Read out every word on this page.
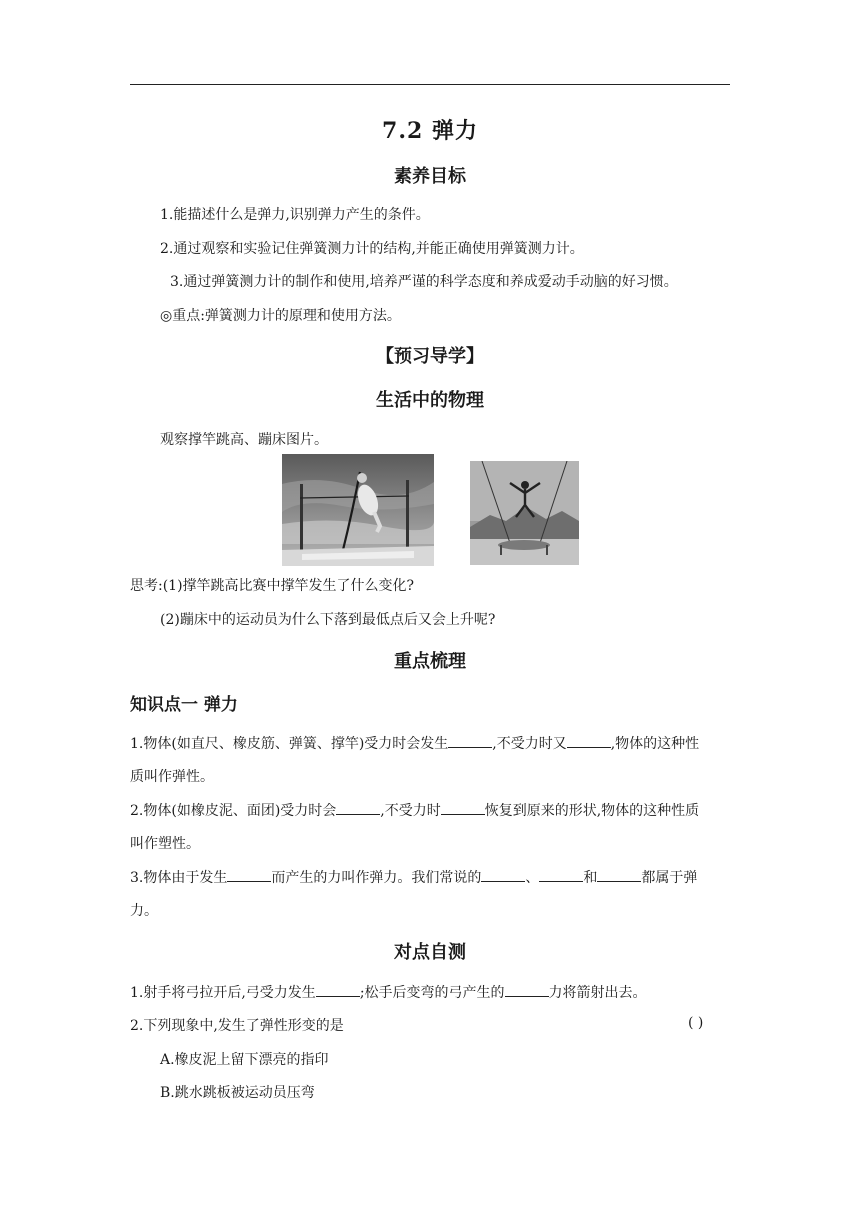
7.2 弹力
素养目标
1.能描述什么是弹力,识别弹力产生的条件。
2.通过观察和实验记住弹簧测力计的结构,并能正确使用弹簧测力计。
3.通过弹簧测力计的制作和使用,培养严谨的科学态度和养成爱动手动脑的好习惯。
◎重点:弹簧测力计的原理和使用方法。
【预习导学】
生活中的物理
观察撑竿跳高、蹦床图片。
思考:(1)撑竿跳高比赛中撑竿发生了什么变化?
(2)蹦床中的运动员为什么下落到最低点后又会上升呢?
重点梳理
知识点一 弹力
1.物体(如直尺、橡皮筋、弹簧、撑竿)受力时会发生	,不受力时又	,物体的这种性
质叫作弹性。
2.物体(如橡皮泥、面团)受力时会	,不受力时	恢复到原来的形状,物体的这种性质
叫作塑性。
3.物体由于发生	而产生的力叫作弹力。我们常说的	、	和	都属于弹
力。
对点自测
1.射手将弓拉开后,弓受力发生	;松手后变弯的弓产生的	力将箭射出去。
2.下列现象中,发生了弹性形变的是	( )
A.橡皮泥上留下漂亮的指印
B.跳水跳板被运动员压弯
